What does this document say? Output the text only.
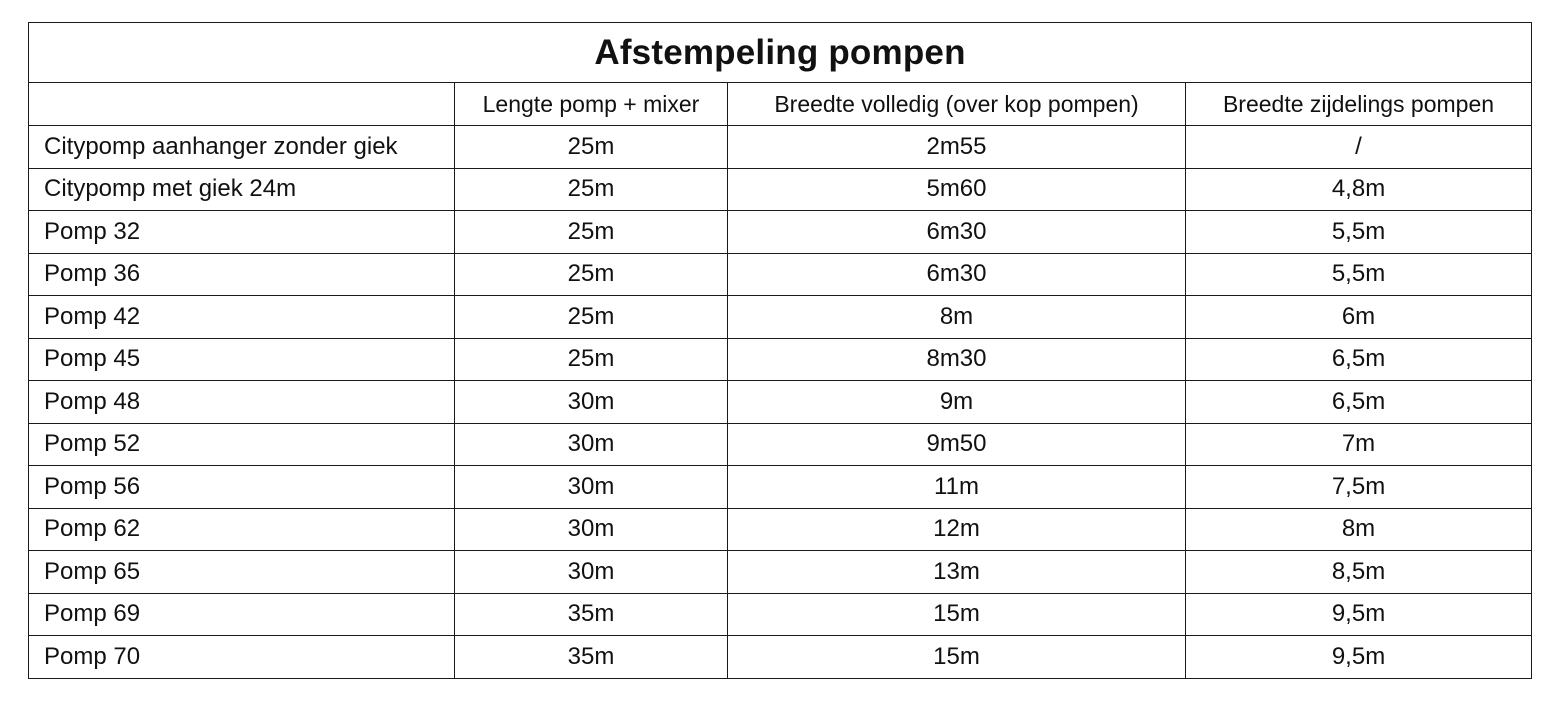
Afstempeling pompen			
	Lengte pomp + mixer	Breedte volledig (over kop pompen)	Breedte zijdelings pompen
Citypomp aanhanger zonder giek	25m	2m55	/
Citypomp met giek 24m	25m	5m60	4,8m
Pomp 32	25m	6m30	5,5m
Pomp 36	25m	6m30	5,5m
Pomp 42	25m	8m	6m
Pomp 45	25m	8m30	6,5m
Pomp 48	30m	9m	6,5m
Pomp 52	30m	9m50	7m
Pomp 56	30m	11m	7,5m
Pomp 62	30m	12m	8m
Pomp 65	30m	13m	8,5m
Pomp 69	35m	15m	9,5m
Pomp 70	35m	15m	9,5m
